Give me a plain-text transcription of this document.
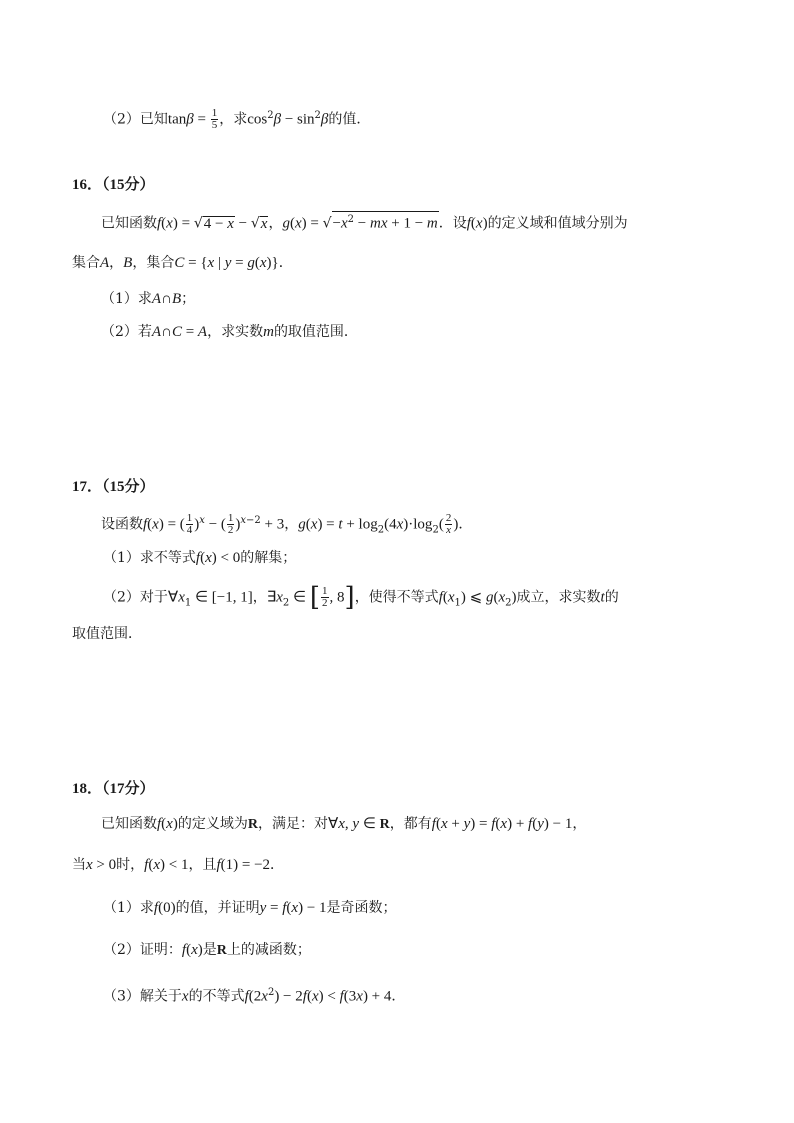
（2）已知$\tan\beta = \frac{1}{5}$ ，求$\cos^2\beta - \sin^2\beta$的值．
16．（15分）
已知函数f(x) = √4 − x − √x，$g(x) = √-x^2$ − mx + 1 − m．设f(x)的定义域和值域分别为
集合A，B，集合C = {x | y = g(x)}．
（1）求A∩B；
（2）若A∩C = A，求实数m的取值范围．
17．（15分）
设函数f(x) = ( $\frac{1}{4} )^x$ − ( $\frac{1}{2} )^{x-2} + 3$，$g(x) = t + \log_2(4x)\cdot\log_2( \frac{2}{x}$ )．
（1）求不等式f(x) < 0的解集；
（2）对于$\forall x_1$ ∈ [−1, 1]，$\exists x_2$ ∈ [ $\frac{1}{2}$ , 8]，使得不等式$f(x_1)$ ⩽ $g(x_2)$成立，求实数t的
取值范围．
18．（17分）
已知函数f(x)的定义域为R，满足：对∀x, y ∈ R，都有f(x + y) = f(x) + f(y) − 1，
当x > 0时，f(x) < 1，且f(1) = −2．
（1）求f(0)的值，并证明y = f(x) − 1是奇函数；
（2）证明：f(x)是R上的减函数；
（3）解关于x的不等式$f(2x^2) - 2f(x) < f(3x) + 4$．
